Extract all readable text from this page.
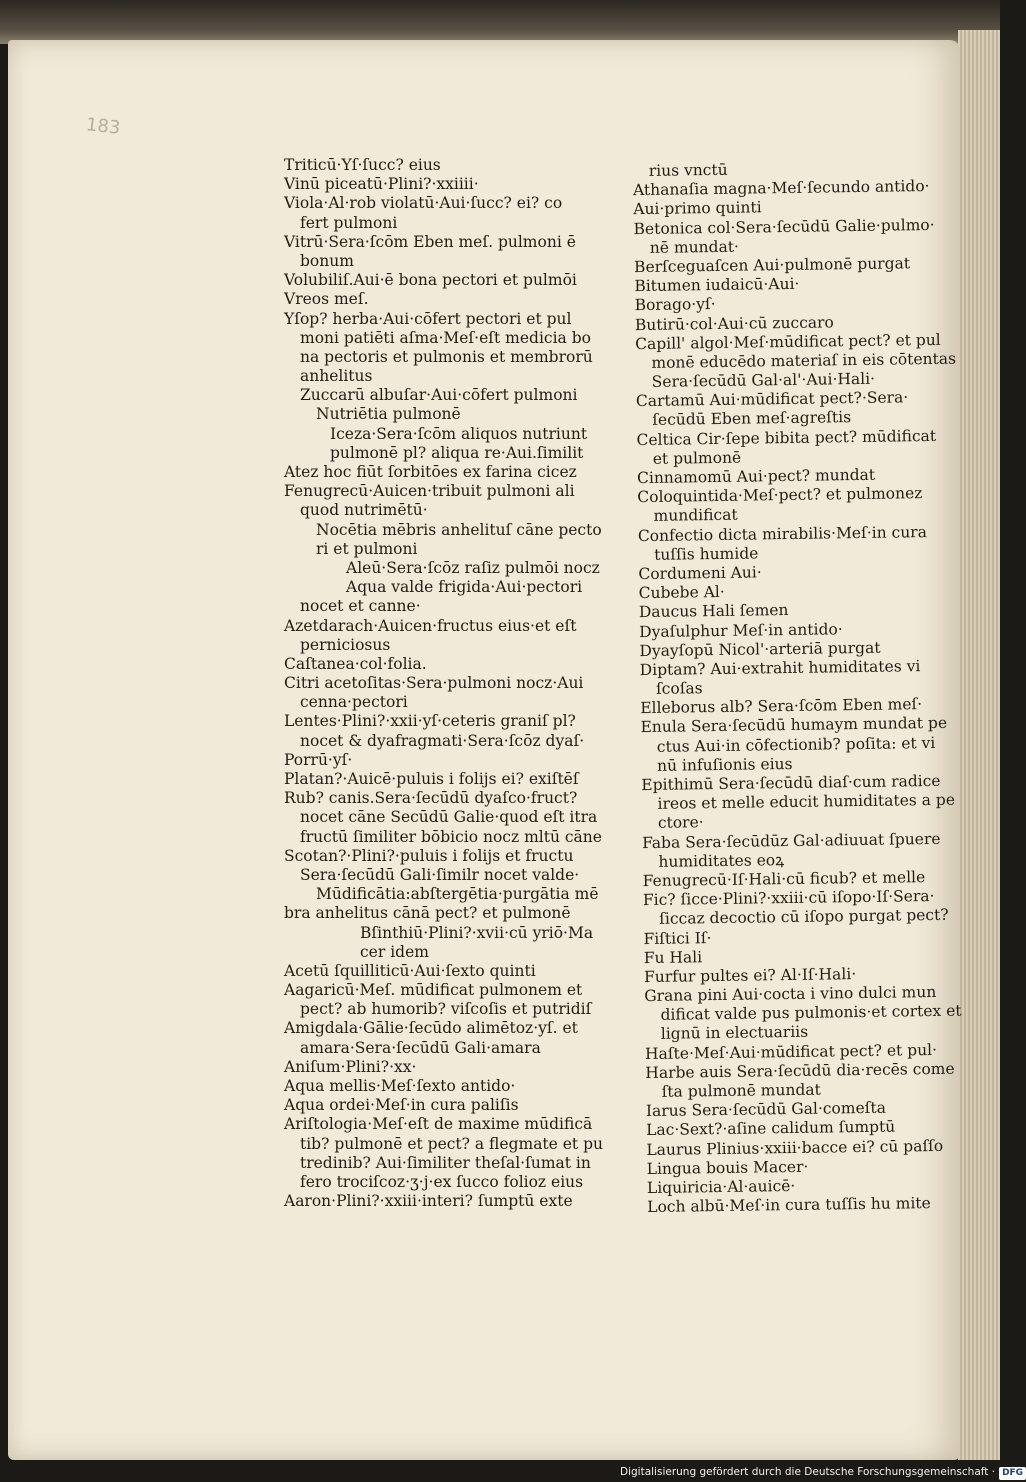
183
Triticū·Yſ·ſucc? eius
Vinū piceatū·Plini?·xxiiii·
Viola·Al·rob violatū·Aui·ſucc? ei? co
fert pulmoni
Vitrū·Sera·ſcōm Eben meſ. pulmoni ē
bonum
Volubiliſ.Aui·ē bona pectori et pulmōi
Vreos meſ.
Yſop? herba·Aui·cōfert pectori et pul
moni patiēti aſma·Meſ·eſt medicia bo
na pectoris et pulmonis et membrorū
anhelitus
Zuccarū albuſar·Aui·cōfert pulmoni
Nutriētia pulmonē
Iceza·Sera·ſcōm aliquos nutriunt
pulmonē pl? aliqua re·Aui.ſimilit
Atez hoc fiūt ſorbitōes ex farina cicez
Fenugrecū·Auicen·tribuit pulmoni ali
quod nutrimētū·
Nocētia mēbris anhelituſ cāne pecto
ri et pulmoni
Aleū·Sera·ſcōz raſiz pulmōi nocz
Aqua valde frigida·Aui·pectori
nocet et canne·
Azetdarach·Auicen·fructus eius·et eſt
perniciosus
Caſtanea·col·folia.
Citri acetoſitas·Sera·pulmoni nocz·Aui
cenna·pectori
Lentes·Plini?·xxii·yſ·ceteris graniſ pl?
nocet & dyafragmati·Sera·ſcōz dyaſ·
Porrū·yſ·
Platan?·Auicē·puluis i folijs ei? exiſtēſ
Rub? canis.Sera·ſecūdū dyaſco·fruct?
nocet cāne Secūdū Galie·quod eſt itra
fructū ſimiliter bōbicio nocz mltū cāne
Scotan?·Plini?·puluis i folijs et fructu
Sera·ſecūdū Gali·ſimilr nocet valde·
Mūdificātia:abſtergētia·purgātia mē
bra anhelitus cānā pect? et pulmonē
Bſinthiū·Plini?·xvii·cū yriō·Ma
cer idem
Acetū ſquilliticū·Aui·ſexto quinti
Aagaricū·Meſ. mūdificat pulmonem et
pect? ab humorib? viſcoſis et putridiſ
Amigdala·Gālie·ſecūdo alimētoz·yſ. et
amara·Sera·ſecūdū Gali·amara
Aniſum·Plini?·xx·
Aqua mellis·Meſ·ſexto antido·
Aqua ordei·Meſ·in cura paliſis
Ariſtologia·Meſ·eſt de maxime mūdificā
tib? pulmonē et pect? a flegmate et pu
tredinib? Aui·ſimiliter theſal·ſumat in
fero trociſcoz·ʒ·j·ex ſucco folioz eius
Aaron·Plini?·xxiii·interi? ſumptū exte
rius vnctū
Athanaſia magna·Meſ·ſecundo antido·
Aui·primo quinti
Betonica col·Sera·ſecūdū Galie·pulmo·
nē mundat·
Berſceguaſcen Aui·pulmonē purgat
Bitumen iudaicū·Aui·
Borago·yſ·
Butirū·col·Aui·cū zuccaro
Capill' algol·Meſ·mūdificat pect? et pul
monē educēdo materiaſ in eis cōtentas
Sera·ſecūdū Gal·al'·Aui·Hali·
Cartamū Aui·mūdificat pect?·Sera·
ſecūdū Eben meſ·agreſtis
Celtica Cir·ſepe bibita pect? mūdificat
et pulmonē
Cinnamomū Aui·pect? mundat
Coloquintida·Meſ·pect? et pulmonez
mundificat
Confectio dicta mirabilis·Meſ·in cura
tuſſis humide
Cordumeni Aui·
Cubebe Al·
Daucus Hali ſemen
Dyaſulphur Meſ·in antido·
Dyayſopū Nicol'·arteriā purgat
Diptam? Aui·extrahit humiditates vi
ſcoſas
Elleborus alb? Sera·ſcōm Eben meſ·
Enula Sera·ſecūdū humaym mundat pe
ctus Aui·in cōfectionib? poſita: et vi
nū infuſionis eius
Epithimū Sera·ſecūdū diaſ·cum radice
ireos et melle educit humiditates a pe
ctore·
Faba Sera·ſecūdūz Gal·adiuuat ſpuere
humiditates eoꝝ
Fenugrecū·Iſ·Hali·cū ficub? et melle
Fic? ſicce·Plini?·xxiii·cū iſopo·Iſ·Sera·
ſiccaz decoctio cū iſopo purgat pect?
Fiſtici Iſ·
Fu Hali
Furfur pultes ei? Al·Iſ·Hali·
Grana pini Aui·cocta i vino dulci mun
dificat valde pus pulmonis·et cortex et
lignū in electuariis
Haſte·Meſ·Aui·mūdificat pect? et pul·
Harbe auis Sera·ſecūdū dia·recēs come
ſta pulmonē mundat
Iarus Sera·ſecūdū Gal·comeſta
Lac·Sext?·aſine calidum ſumptū
Laurus Plinius·xxiii·bacce ei? cū paſſo
Lingua bouis Macer·
Liquiricia·Al·auicē·
Loch albū·Meſ·in cura tuſſis hu mite
Digitalisierung gefördert durch die Deutsche Forschungsgemeinschaft · DFG
